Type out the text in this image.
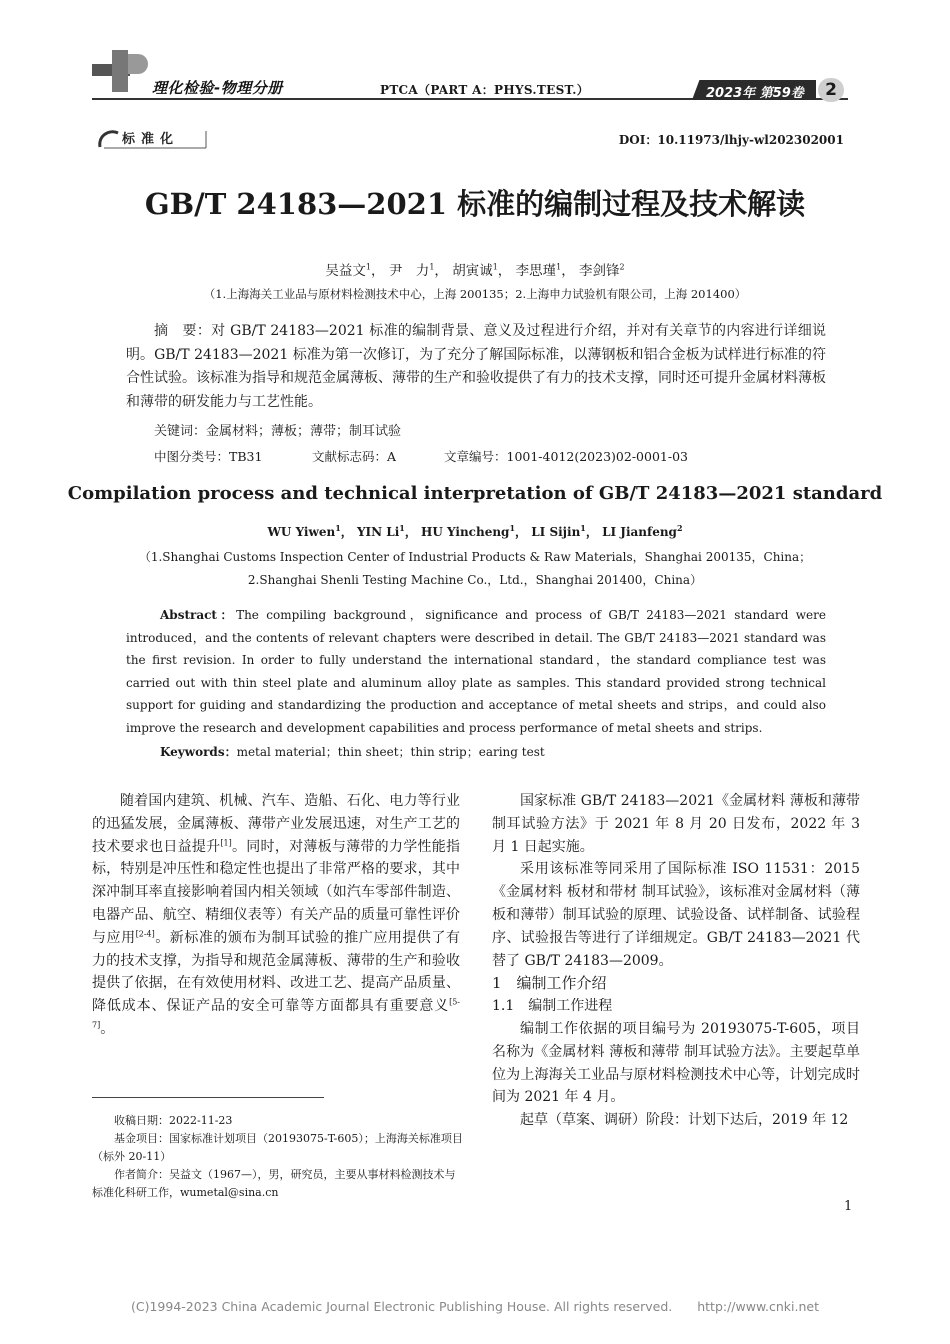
理化检验-物理分册	PTCA（PART A：PHYS.TEST.）	2023年 第59卷	2
标准化	DOI：10.11973/lhjy-wl202302001
GB/T 24183—2021 标准的编制过程及技术解读
吴益文$^1$， 尹　力$^1$， 胡寅诚$^1$， 李思瑾$^1$， 李剑锋$^2$
（1.上海海关工业品与原材料检测技术中心，上海 200135；2.上海申力试验机有限公司，上海 201400）
摘　要：对 GB/T 24183—2021 标准的编制背景、意义及过程进行介绍，并对有关章节的内容进行详细说明。GB/T 24183—2021 标准为第一次修订，为了充分了解国际标准，以薄钢板和铝合金板为试样进行标准的符合性试验。该标准为指导和规范金属薄板、薄带的生产和验收提供了有力的技术支撑，同时还可提升金属材料薄板和薄带的研发能力与工艺性能。
关键词：金属材料；薄板；薄带；制耳试验
中图分类号：TB31	文献标志码：A	文章编号：1001-4012(2023)02-0001-03
Compilation process and technical interpretation of GB/T 24183—2021 standard
WU Yiwen$^1$， YIN Li$^1$， HU Yincheng$^1$， LI Sijin$^1$， LI Jianfeng$^2$
（1.Shanghai Customs Inspection Center of Industrial Products & Raw Materials，Shanghai 200135，China；
2.Shanghai Shenli Testing Machine Co.，Ltd.，Shanghai 201400，China）
Abstract：The compiling background，significance and process of GB/T 24183—2021 standard were introduced，and the contents of relevant chapters were described in detail. The GB/T 24183—2021 standard was the first revision. In order to fully understand the international standard，the standard compliance test was carried out with thin steel plate and aluminum alloy plate as samples. This standard provided strong technical support for guiding and standardizing the production and acceptance of metal sheets and strips，and could also improve the research and development capabilities and process performance of metal sheets and strips.
Keywords：metal material；thin sheet；thin strip；earing test

随着国内建筑、机械、汽车、造船、石化、电力等行业的迅猛发展，金属薄板、薄带产业发展迅速，对生产工艺的技术要求也日益提升[1]。同时，对薄板与薄带的力学性能指标，特别是冲压性和稳定性也提出了非常严格的要求，其中深冲制耳率直接影响着国内相关领域（如汽车零部件制造、电器产品、航空、精细仪表等）有关产品的质量可靠性评价与应用[2-4]。新标准的颁布为制耳试验的推广应用提供了有力的技术支撑，为指导和规范金属薄板、薄带的生产和验收提供了依据，在有效使用材料、改进工艺、提高产品质量、降低成本、保证产品的安全可靠等方面都具有重要意义[5-7]。

国家标准 GB/T 24183—2021《金属材料 薄板和薄带 制耳试验方法》于 2021 年 8 月 20 日发布，2022 年 3 月 1 日起实施。

采用该标准等同采用了国际标准 ISO 11531：2015《金属材料 板材和带材 制耳试验》，该标准对金属材料（薄板和薄带）制耳试验的原理、试验设备、试样制备、试验程序、试验报告等进行了详细规定。GB/T 24183—2021 代替了 GB/T 24183—2009。

1　编制工作介绍

1.1　编制工作进程

编制工作依据的项目编号为 20193075-T-605，项目名称为《金属材料 薄板和薄带 制耳试验方法》。主要起草单位为上海海关工业品与原材料检测技术中心等，计划完成时间为 2021 年 4 月。

起草（草案、调研）阶段：计划下达后，2019 年 12

收稿日期：2022-11-23
基金项目：国家标准计划项目（20193075-T-605）；上海海关标准项目（标外 20-11）
作者简介：吴益文（1967—），男，研究员，主要从事材料检测技术与标准化科研工作，wumetal@sina.cn
1
(C)1994-2023 China Academic Journal Electronic Publishing House. All rights reserved.　　http://www.cnki.net
